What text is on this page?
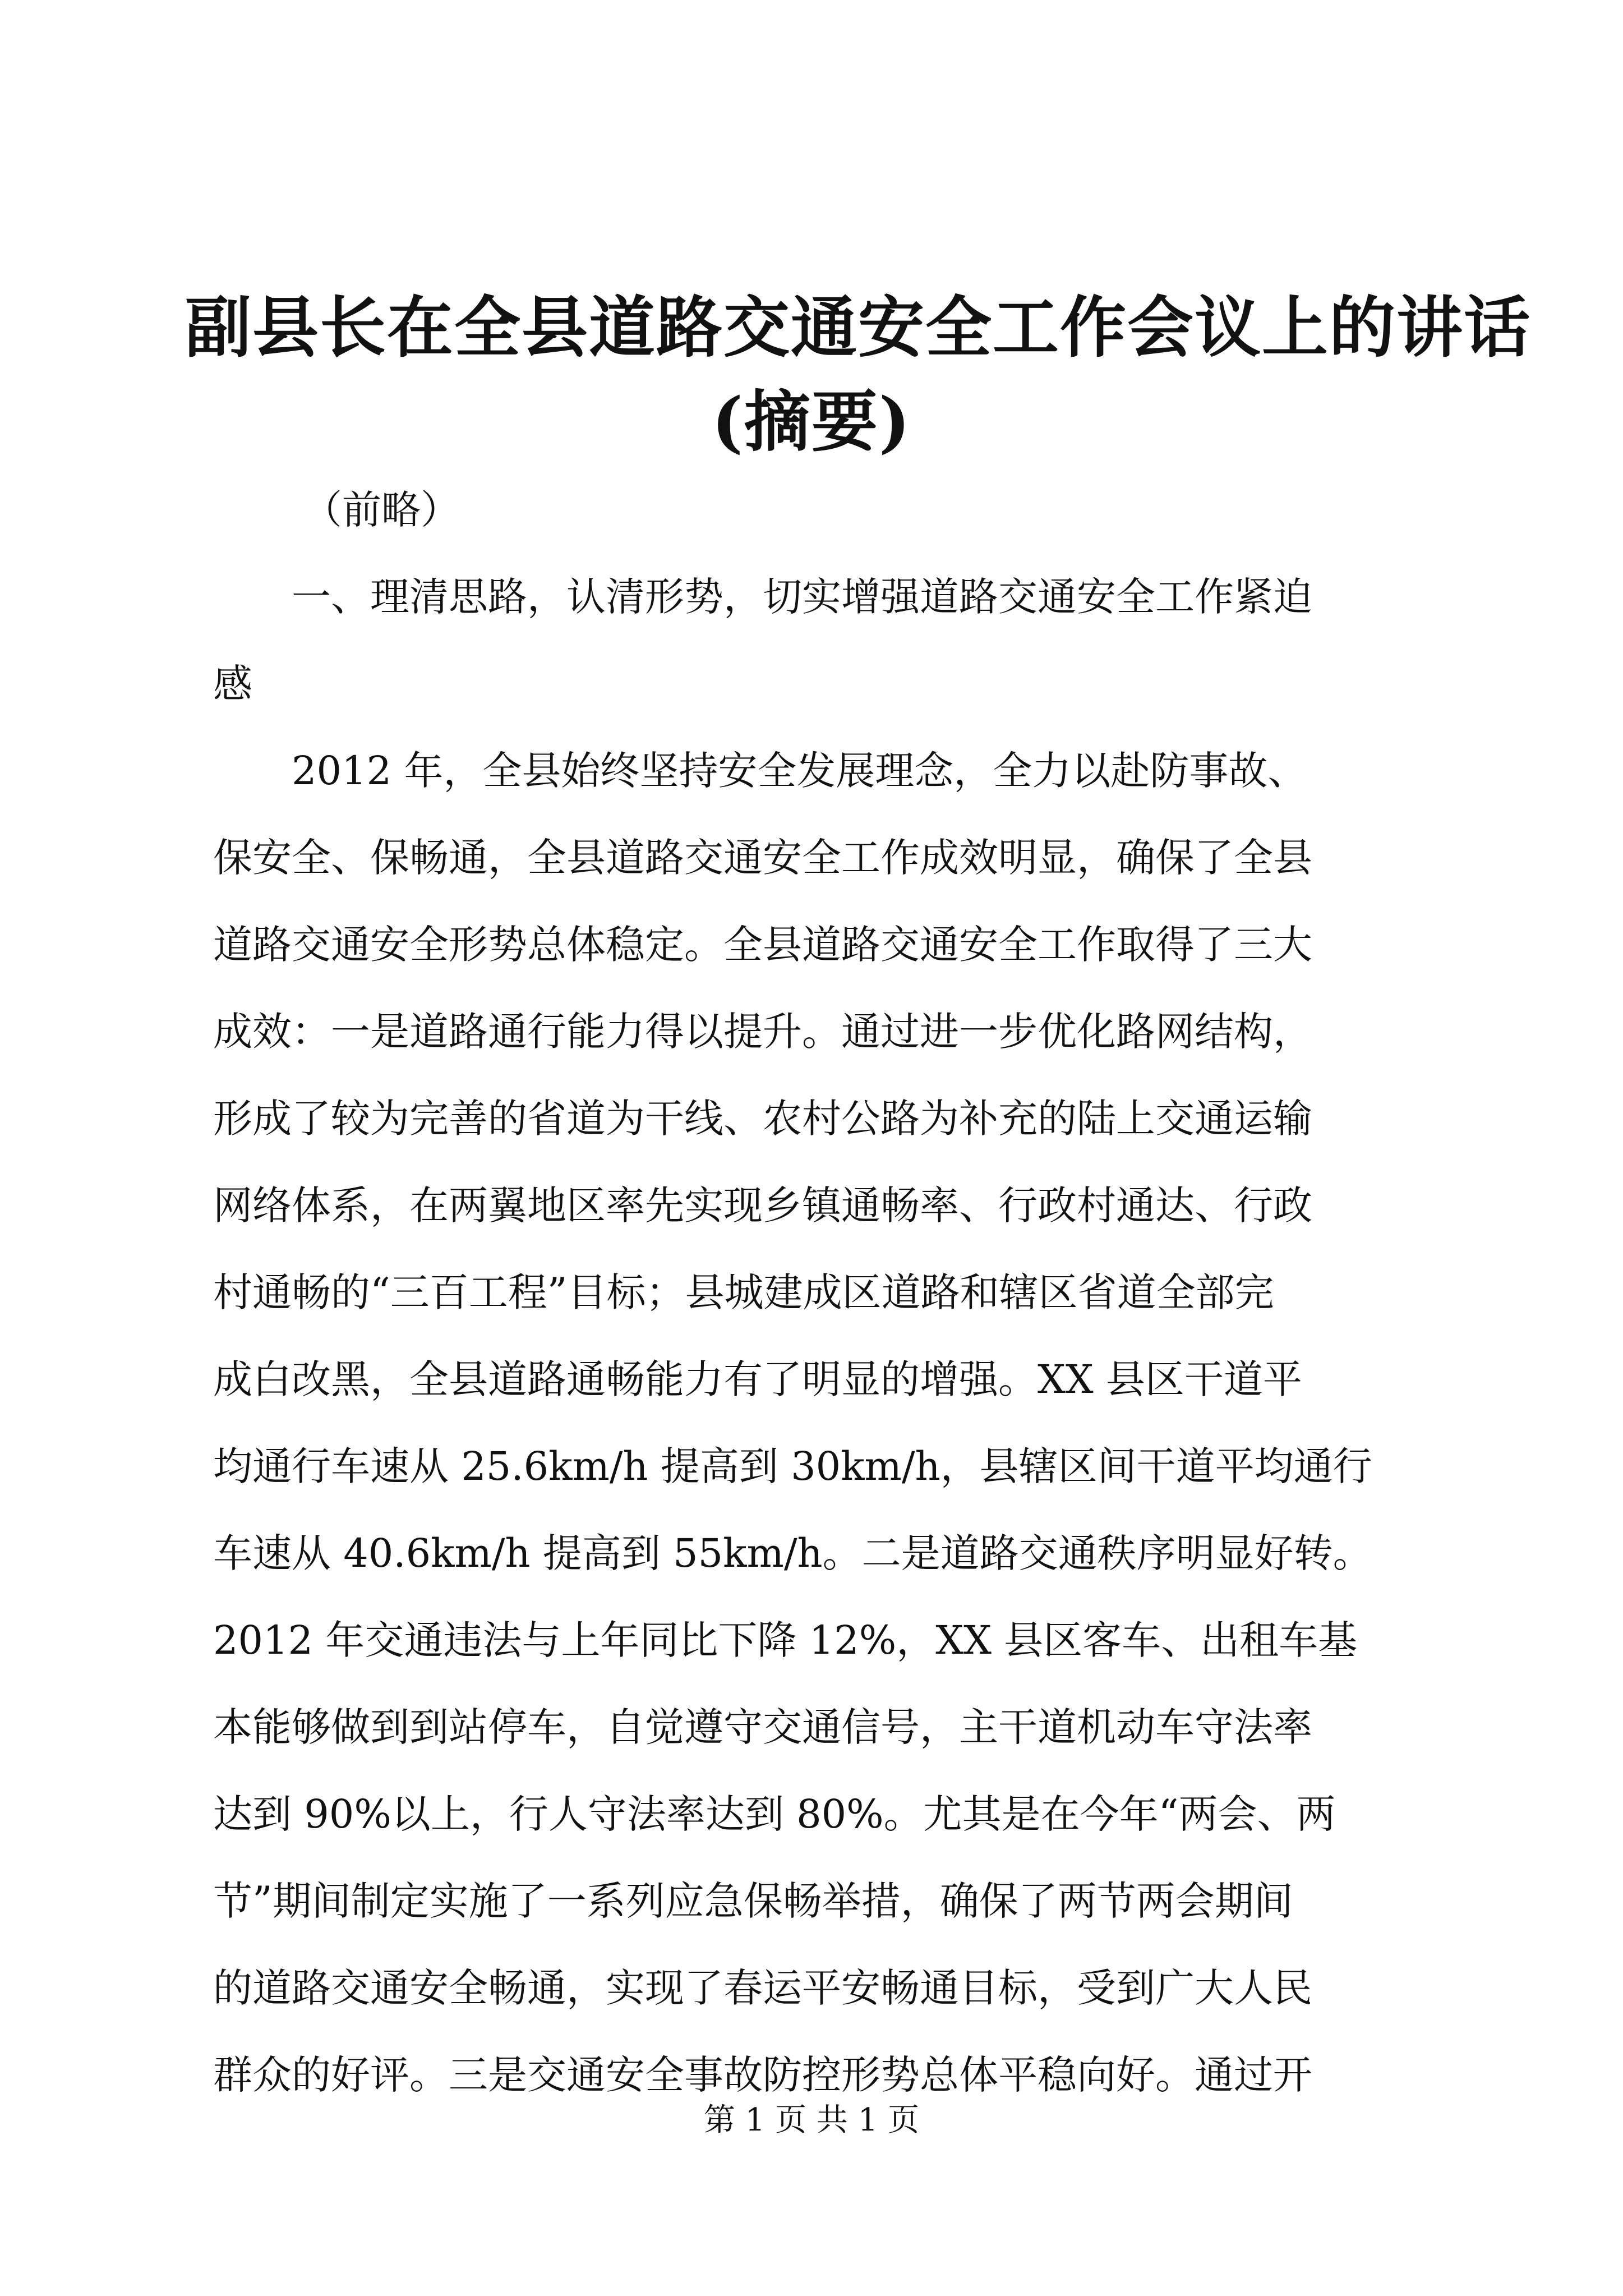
副县长在全县道路交通安全工作会议上的讲话
(摘要)
（前略）
一、理清思路，认清形势，切实增强道路交通安全工作紧迫
感
2012 年，全县始终坚持安全发展理念，全力以赴防事故、
保安全、保畅通，全县道路交通安全工作成效明显，确保了全县
道路交通安全形势总体稳定。全县道路交通安全工作取得了三大
成效：一是道路通行能力得以提升。通过进一步优化路网结构，
形成了较为完善的省道为干线、农村公路为补充的陆上交通运输
网络体系，在两翼地区率先实现乡镇通畅率、行政村通达、行政
村通畅的“三百工程”目标；县城建成区道路和辖区省道全部完
成白改黑，全县道路通畅能力有了明显的增强。XX 县区干道平
均通行车速从 25.6km/h 提高到 30km/h，县辖区间干道平均通行
车速从 40.6km/h 提高到 55km/h。二是道路交通秩序明显好转。
2012 年交通违法与上年同比下降 12%，XX 县区客车、出租车基
本能够做到到站停车，自觉遵守交通信号，主干道机动车守法率
达到 90%以上，行人守法率达到 80%。尤其是在今年“两会、两
节”期间制定实施了一系列应急保畅举措，确保了两节两会期间
的道路交通安全畅通，实现了春运平安畅通目标，受到广大人民
群众的好评。三是交通安全事故防控形势总体平稳向好。通过开
第 1 页 共 1 页
